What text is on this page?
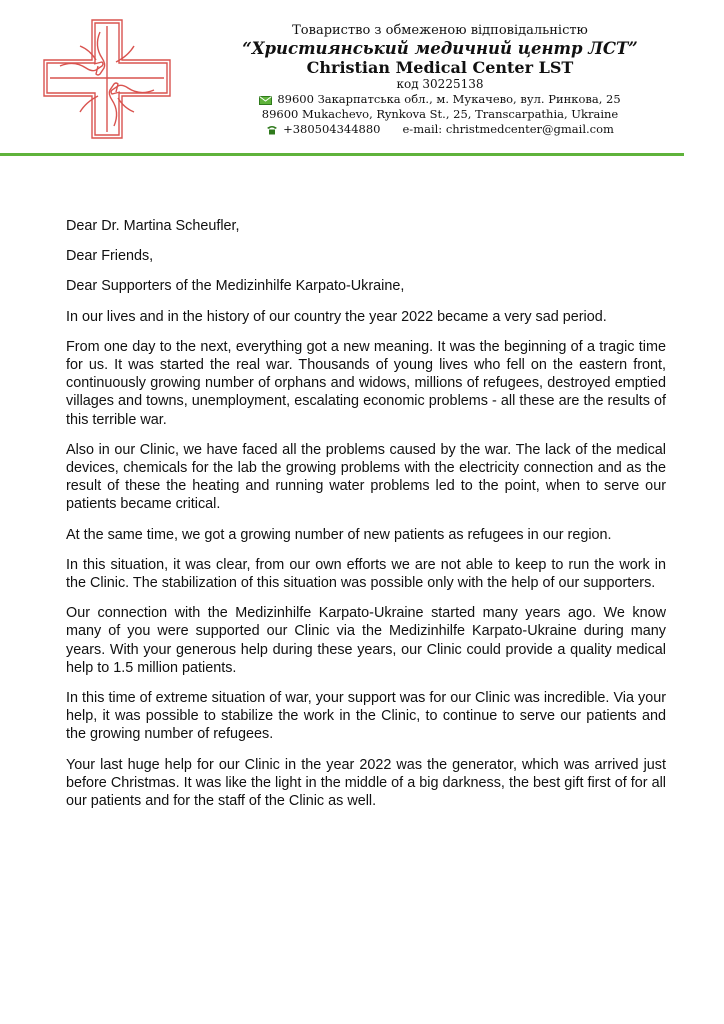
Товариство з обмеженою відповідальністю
“Християнський медичний центр ЛСТ”
Christian Medical Center LST
код 30225138
89600 Закарпатська обл., м. Мукачево, вул. Ринкова, 25
89600 Mukachevo, Rynkova St., 25, Transcarpathia, Ukraine
+380504344880 e-mail: christmedcenter@gmail.com

Dear Dr. Martina Scheufler,

Dear Friends,

Dear Supporters of the Medizinhilfe Karpato-Ukraine,

In our lives and in the history of our country the year 2022 became a very sad period.

From one day to the next, everything got a new meaning. It was the beginning of a tragic time for us. It was started the real war. Thousands of young lives who fell on the eastern front, continuously growing number of orphans and widows, millions of refugees, destroyed emptied villages and towns, unemployment, escalating economic problems - all these are the results of this terrible war.

Also in our Clinic, we have faced all the problems caused by the war. The lack of the medical devices, chemicals for the lab the growing problems with the electricity connection and as the result of these the heating and running water problems led to the point, when to serve our patients became critical.

At the same time, we got a growing number of new patients as refugees in our region.

In this situation, it was clear, from our own efforts we are not able to keep to run the work in the Clinic. The stabilization of this situation was possible only with the help of our supporters.

Our connection with the Medizinhilfe Karpato-Ukraine started many years ago. We know many of you were supported our Clinic via the Medizinhilfe Karpato-Ukraine during many years. With your generous help during these years, our Clinic could provide a quality medical help to 1.5 million patients.

In this time of extreme situation of war, your support was for our Clinic was incredible. Via your help, it was possible to stabilize the work in the Clinic, to continue to serve our patients and the growing number of refugees.

Your last huge help for our Clinic in the year 2022 was the generator, which was arrived just before Christmas. It was like the light in the middle of a big darkness, the best gift first of for all our patients and for the staff of the Clinic as well.
